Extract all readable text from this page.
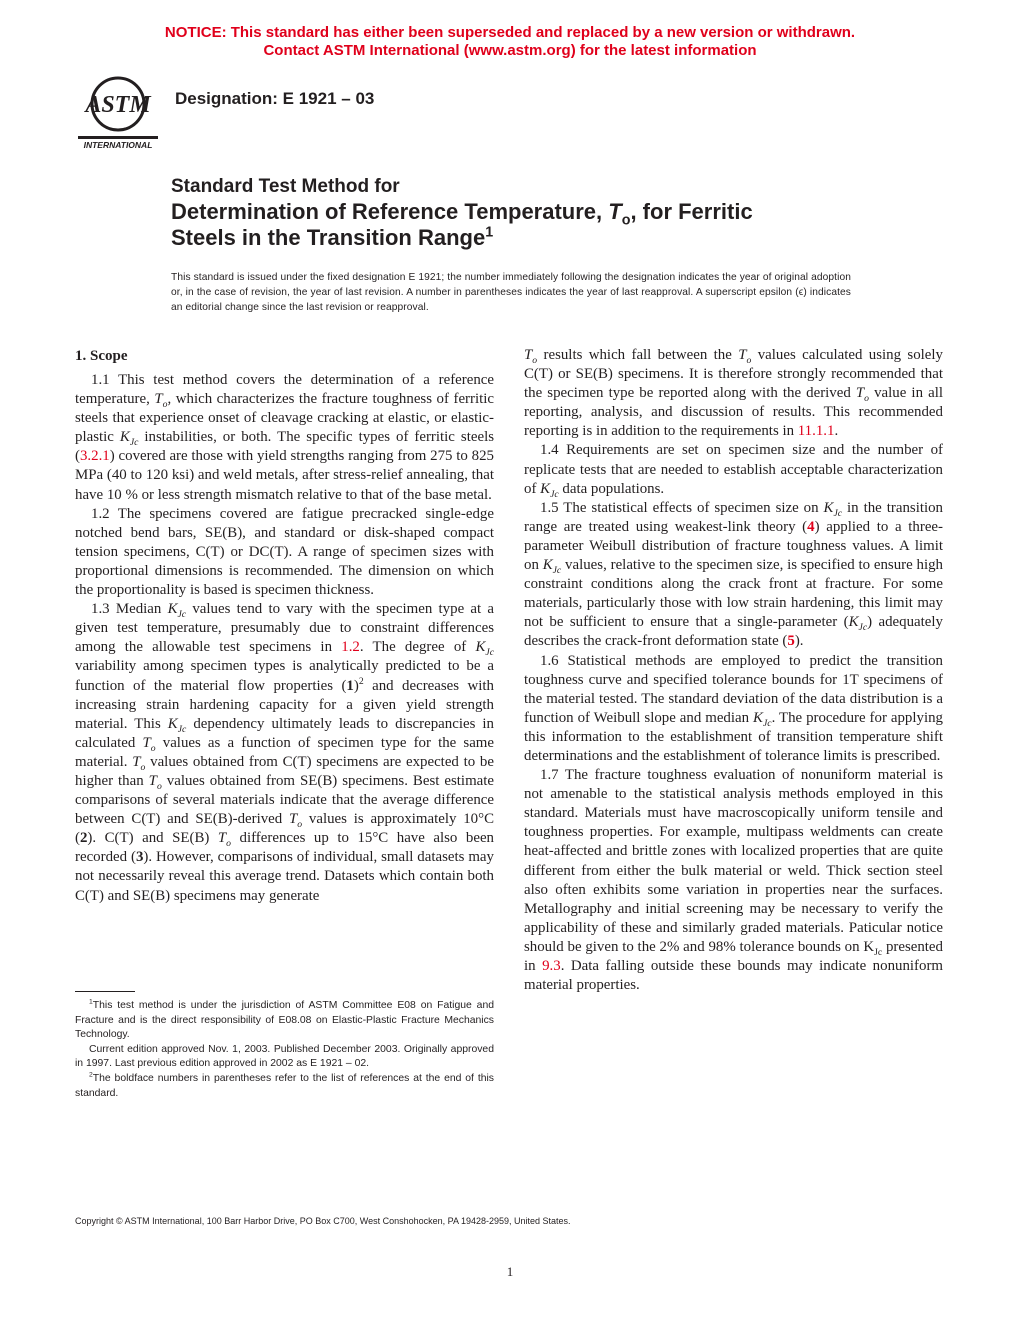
NOTICE: This standard has either been superseded and replaced by a new version or withdrawn.
Contact ASTM International (www.astm.org) for the latest information
ASTM
INTERNATIONAL
Designation: E 1921 – 03
Standard Test Method for
Determination of Reference Temperature, $T_o$, for Ferritic
Steels in the Transition Range$^1$
This standard is issued under the fixed designation E 1921; the number immediately following the designation indicates the year of original adoption or, in the case of revision, the year of last revision. A number in parentheses indicates the year of last reapproval. A superscript epsilon (ϵ) indicates an editorial change since the last revision or reapproval.
1. Scope

1.1 This test method covers the determination of a reference temperature, $T_o$, which characterizes the fracture toughness of ferritic steels that experience onset of cleavage cracking at elastic, or elastic-plastic $K_{Jc}$ instabilities, or both. The specific types of ferritic steels (3.2.1) covered are those with yield strengths ranging from 275 to 825 MPa (40 to 120 ksi) and weld metals, after stress-relief annealing, that have 10 % or less strength mismatch relative to that of the base metal.

1.2 The specimens covered are fatigue precracked single-edge notched bend bars, SE(B), and standard or disk-shaped compact tension specimens, C(T) or DC(T). A range of specimen sizes with proportional dimensions is recommended. The dimension on which the proportionality is based is specimen thickness.

1.3 Median $K_{Jc}$ values tend to vary with the specimen type at a given test temperature, presumably due to constraint differences among the allowable test specimens in 1.2. The degree of $K_{Jc}$ variability among specimen types is analytically predicted to be a function of the material flow properties $(1)^2$ and decreases with increasing strain hardening capacity for a given yield strength material. This $K_{Jc}$ dependency ultimately leads to discrepancies in calculated $T_o$ values as a function of specimen type for the same material. $T_o$ values obtained from C(T) specimens are expected to be higher than $T_o$ values obtained from SE(B) specimens. Best estimate comparisons of several materials indicate that the average difference between C(T) and SE(B)-derived $T_o$ values is approximately 10°C (2). C(T) and SE(B) $T_o$ differences up to 15°C have also been recorded (3). However, comparisons of individual, small datasets may not necessarily reveal this average trend. Datasets which contain both C(T) and SE(B) specimens may generate

$^1$This test method is under the jurisdiction of ASTM Committee E08 on Fatigue and Fracture and is the direct responsibility of E08.08 on Elastic-Plastic Fracture Mechanics Technology.

Current edition approved Nov. 1, 2003. Published December 2003. Originally approved in 1997. Last previous edition approved in 2002 as E 1921 – 02.

$^2$The boldface numbers in parentheses refer to the list of references at the end of this standard.

$T_o$ results which fall between the $T_o$ values calculated using solely C(T) or SE(B) specimens. It is therefore strongly recommended that the specimen type be reported along with the derived $T_o$ value in all reporting, analysis, and discussion of results. This recommended reporting is in addition to the requirements in 11.1.1.

1.4 Requirements are set on specimen size and the number of replicate tests that are needed to establish acceptable characterization of $K_{Jc}$ data populations.

1.5 The statistical effects of specimen size on $K_{Jc}$ in the transition range are treated using weakest-link theory (4) applied to a three-parameter Weibull distribution of fracture toughness values. A limit on $K_{Jc}$ values, relative to the specimen size, is specified to ensure high constraint conditions along the crack front at fracture. For some materials, particularly those with low strain hardening, this limit may not be sufficient to ensure that a single-parameter $(K_{Jc})$ adequately describes the crack-front deformation state (5).

1.6 Statistical methods are employed to predict the transition toughness curve and specified tolerance bounds for 1T specimens of the material tested. The standard deviation of the data distribution is a function of Weibull slope and median $K_{Jc}$. The procedure for applying this information to the establishment of transition temperature shift determinations and the establishment of tolerance limits is prescribed.

1.7 The fracture toughness evaluation of nonuniform material is not amenable to the statistical analysis methods employed in this standard. Materials must have macroscopically uniform tensile and toughness properties. For example, multipass weldments can create heat-affected and brittle zones with localized properties that are quite different from either the bulk material or weld. Thick section steel also often exhibits some variation in properties near the surfaces. Metallography and initial screening may be necessary to verify the applicability of these and similarly graded materials. Paticular notice should be given to the 2% and 98% tolerance bounds on $K_{Jc}$ presented in 9.3. Data falling outside these bounds may indicate nonuniform material properties.

Copyright © ASTM International, 100 Barr Harbor Drive, PO Box C700, West Conshohocken, PA 19428-2959, United States.
1
